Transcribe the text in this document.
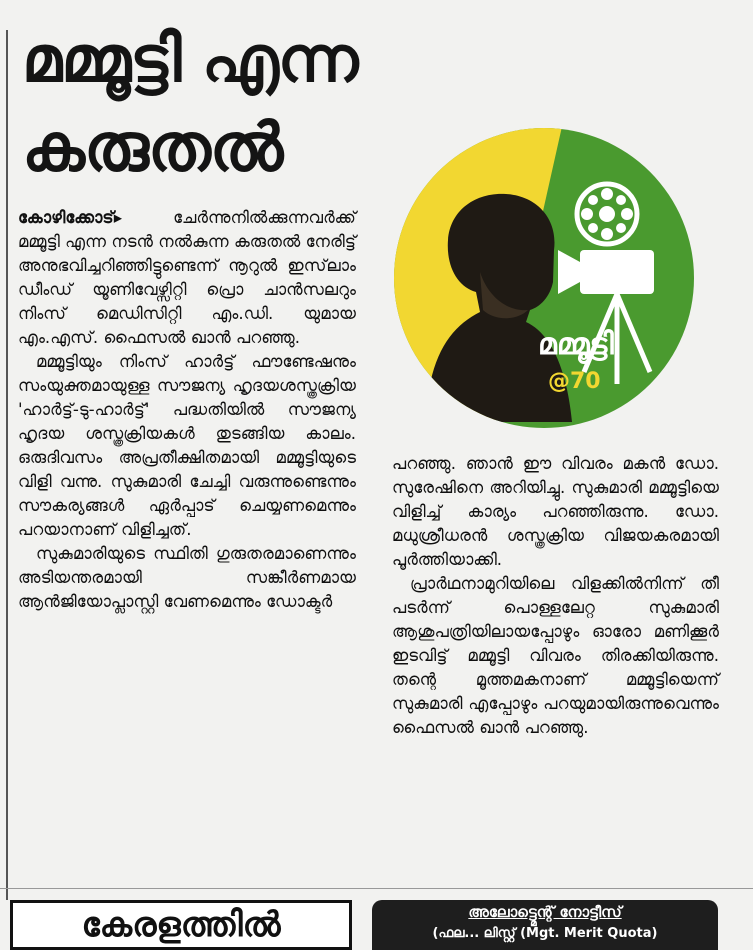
മമ്മൂട്ടി എന്ന
കരുതൽ

കോഴിക്കോട്▸	ചേർന്നുനിൽക്കുന്നവർക്ക് മമ്മൂട്ടി എന്ന നടൻ നൽകുന്ന കരുതൽ നേരിട്ട് അനുഭവിച്ചറിഞ്ഞിട്ടുണ്ടെന്ന് നൂറുൽ ഇസ്‌ലാം ഡീംഡ് യൂണിവേഴ്സിറ്റി പ്രൊ ചാൻസലറും നിംസ് മെഡിസിറ്റി എം.ഡി. യുമായ എം.എസ്. ഫൈസൽ ഖാൻ പറഞ്ഞു.

മമ്മൂട്ടിയും നിംസ് ഹാർട്ട് ഫൗണ്ടേഷനും സംയുക്തമായുള്ള സൗജന്യ ഹൃദയശസ്ത്രക്രിയ 'ഹാർട്ട്-ടു-ഹാർട്ട്' പദ്ധതിയിൽ സൗജന്യ ഹൃദയ ശസ്ത്രക്രിയകൾ തുടങ്ങിയ കാലം. ഒരുദിവസം അപ്രതീക്ഷിതമായി മമ്മൂട്ടിയുടെ വിളി വന്നു. സുകുമാരി ചേച്ചി വരുന്നുണ്ടെന്നും സൗകര്യങ്ങൾ ഏർപ്പാട് ചെയ്യണമെന്നും പറയാനാണ് വിളിച്ചത്.

സുകുമാരിയുടെ സ്ഥിതി ഗുരുതരമാണെന്നും അടിയന്തരമായി സങ്കീർണമായ ആൻജിയോപ്ലാസ്റ്റി വേണമെന്നും ഡോക്ടർ

പറഞ്ഞു. ഞാൻ ഈ വിവരം മകൻ ഡോ. സുരേഷിനെ അറിയിച്ചു. സുകുമാരി മമ്മൂട്ടിയെ വിളിച്ച് കാര്യം പറഞ്ഞിരുന്നു. ഡോ. മധുശ്രീധരൻ ശസ്ത്രക്രിയ വിജയകരമായി പൂർത്തിയാക്കി.

പ്രാർഥനാമുറിയിലെ വിളക്കിൽനിന്ന് തീ പടർന്ന് പൊള്ളലേറ്റ സുകുമാരി ആശുപത്രിയിലായപ്പോഴും ഓരോ മണിക്കൂർ ഇടവിട്ട് മമ്മൂട്ടി വിവരം തിരക്കിയിരുന്നു. തന്റെ മൂത്തമകനാണ് മമ്മൂട്ടിയെന്ന് സുകുമാരി എപ്പോഴും പറയുമായിരുന്നുവെന്നും ഫൈസൽ ഖാൻ പറഞ്ഞു.

മമ്മൂട്ടി
@70
കേരളത്തിൽ	അലോട്ട്മെന്റ് നോട്ടീസ്
(ഫല... ലിസ്റ്റ് (Mgt. Merit Quota)
